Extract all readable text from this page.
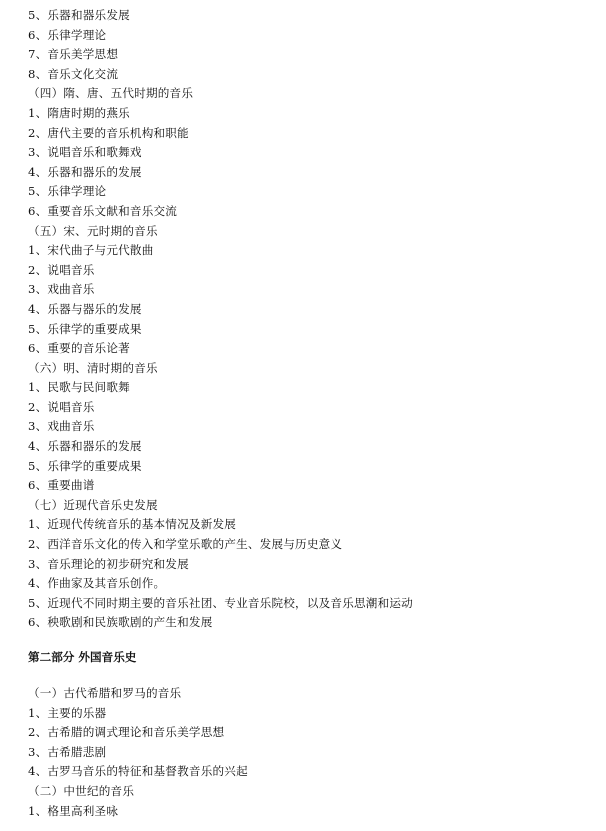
5、乐器和器乐发展
6、乐律学理论
7、音乐美学思想
8、音乐文化交流
（四）隋、唐、五代时期的音乐
1、隋唐时期的燕乐
2、唐代主要的音乐机构和职能
3、说唱音乐和歌舞戏
4、乐器和器乐的发展
5、乐律学理论
6、重要音乐文献和音乐交流
（五）宋、元时期的音乐
1、宋代曲子与元代散曲
2、说唱音乐
3、戏曲音乐
4、乐器与器乐的发展
5、乐律学的重要成果
6、重要的音乐论著
（六）明、清时期的音乐
1、民歌与民间歌舞
2、说唱音乐
3、戏曲音乐
4、乐器和器乐的发展
5、乐律学的重要成果
6、重要曲谱
（七）近现代音乐史发展
1、近现代传统音乐的基本情况及新发展
2、西洋音乐文化的传入和学堂乐歌的产生、发展与历史意义
3、音乐理论的初步研究和发展
4、作曲家及其音乐创作。
5、近现代不同时期主要的音乐社团、专业音乐院校，以及音乐思潮和运动
6、秧歌剧和民族歌剧的产生和发展
第二部分 外国音乐史
（一）古代希腊和罗马的音乐
1、主要的乐器
2、古希腊的调式理论和音乐美学思想
3、古希腊悲剧
4、古罗马音乐的特征和基督教音乐的兴起
（二）中世纪的音乐
1、格里高利圣咏
